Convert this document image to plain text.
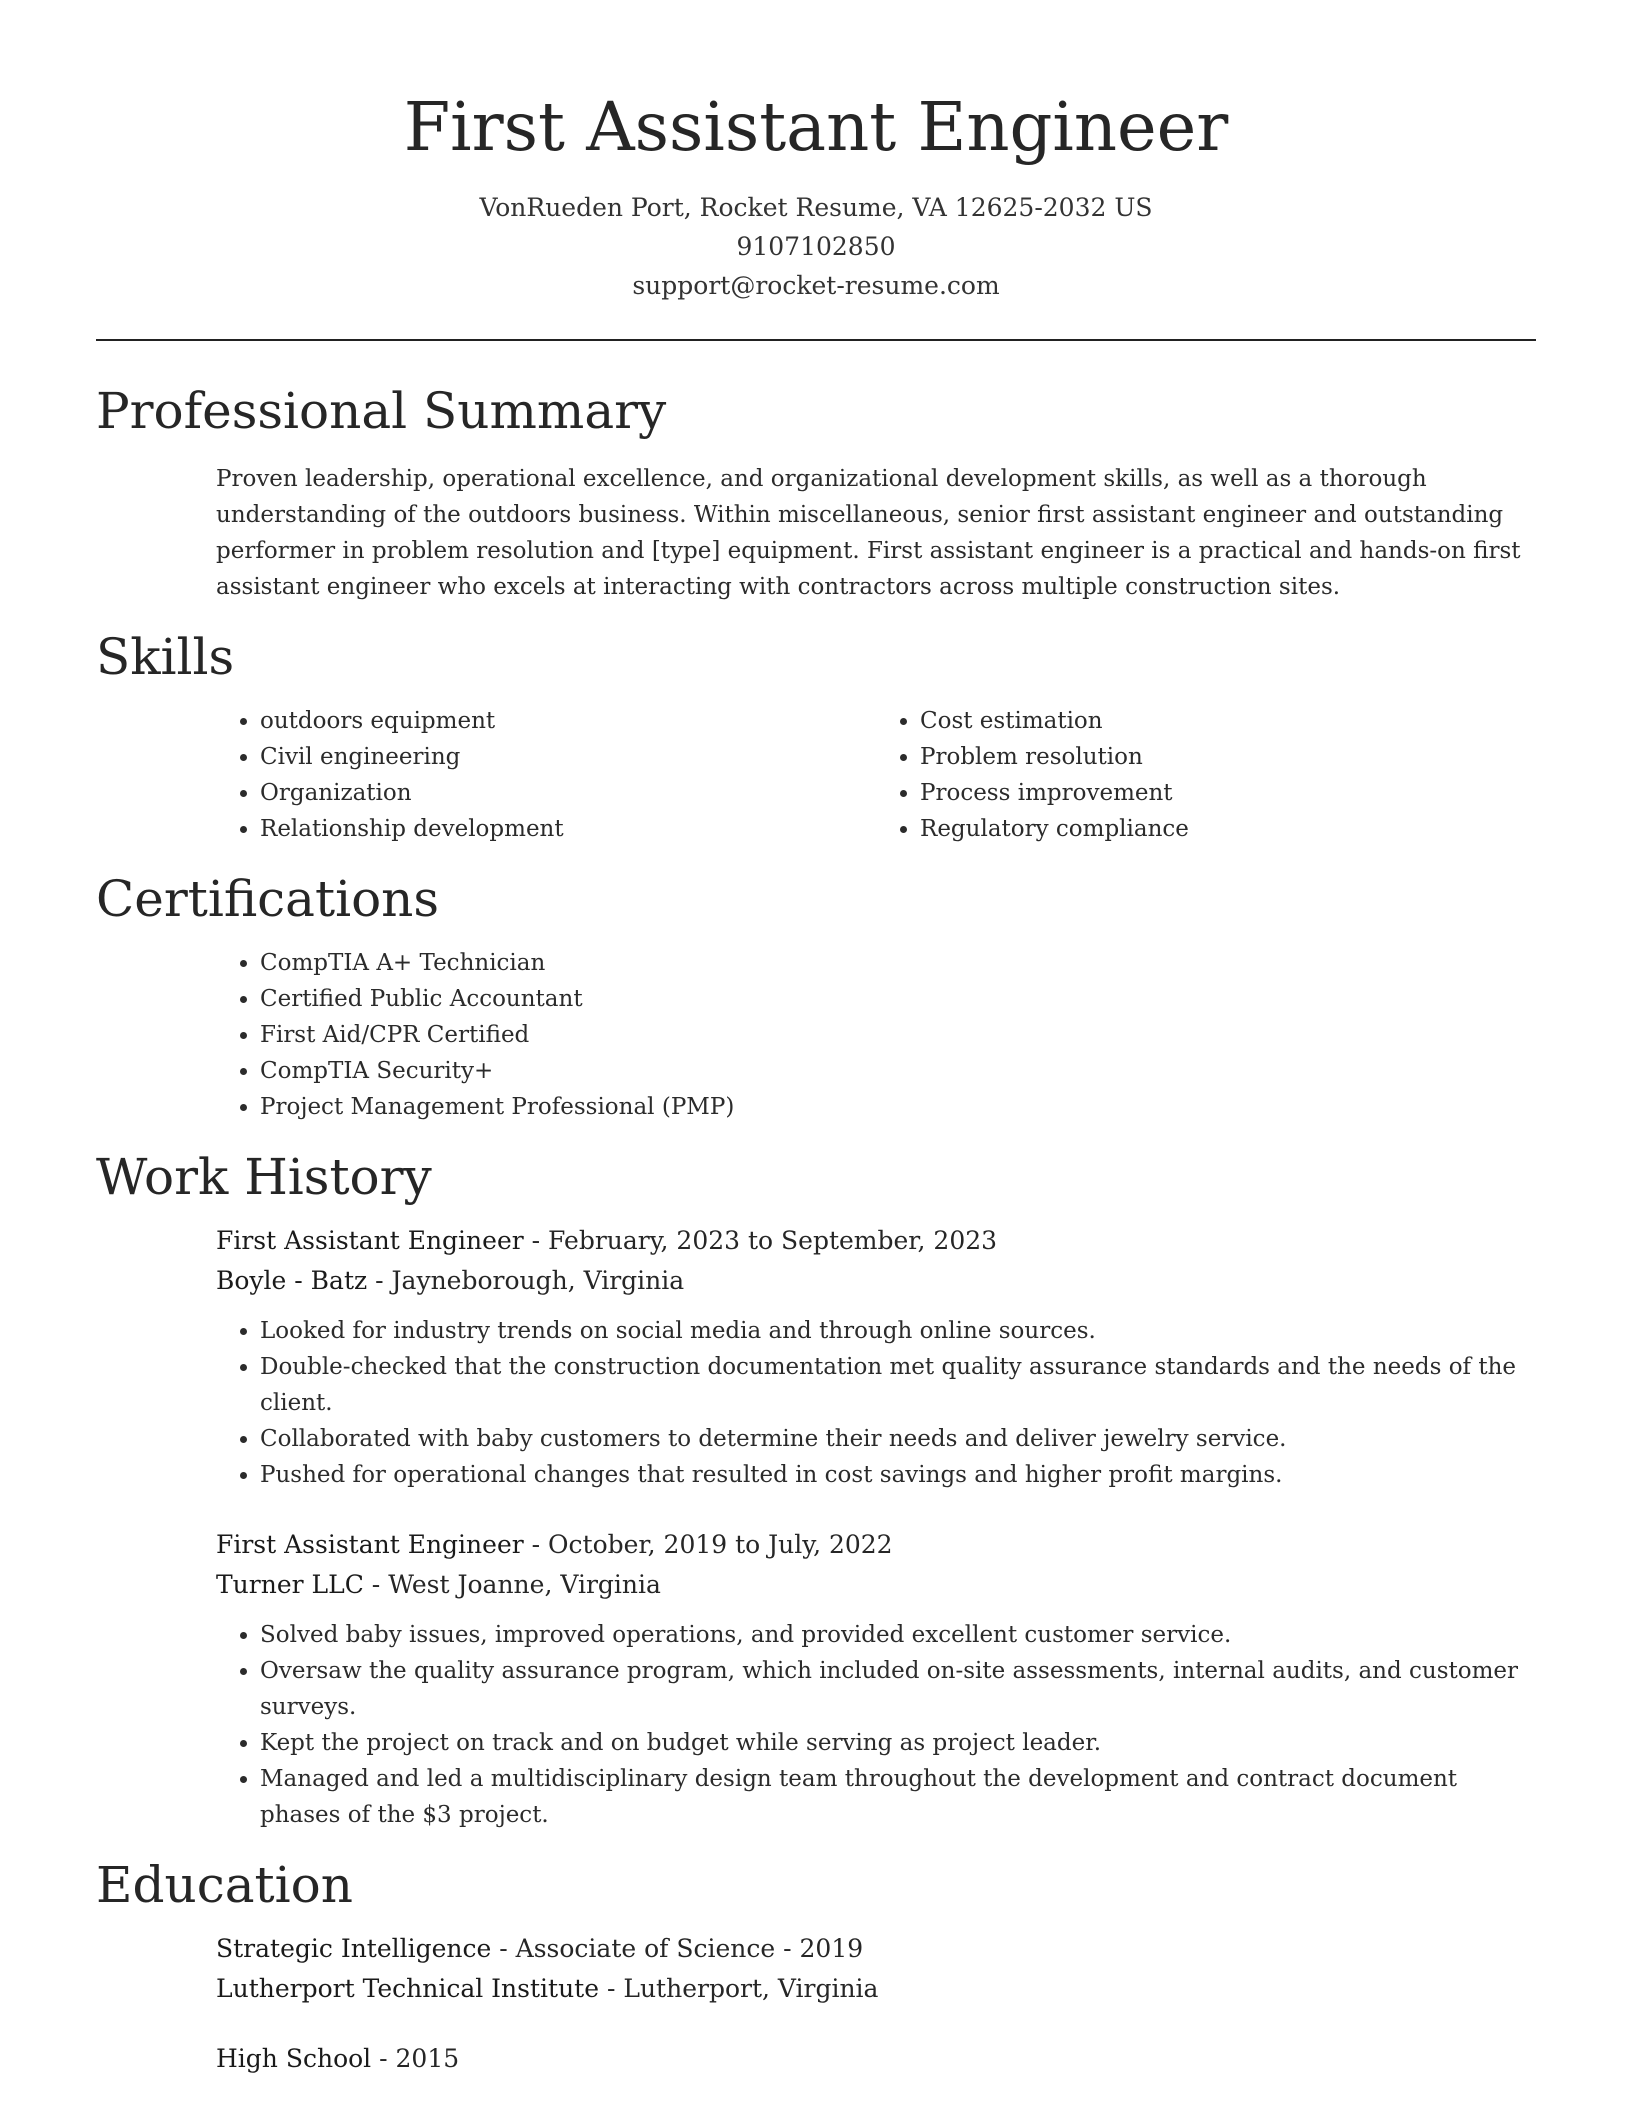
First Assistant Engineer
VonRueden Port, Rocket Resume, VA 12625-2032 US
9107102850
support@rocket-resume.com
Professional Summary
Proven leadership, operational excellence, and organizational development skills, as well as a thorough understanding of the outdoors business. Within miscellaneous, senior first assistant engineer and outstanding performer in problem resolution and [type] equipment. First assistant engineer is a practical and hands-on first assistant engineer who excels at interacting with contractors across multiple construction sites.
Skills
• outdoors equipment
• Civil engineering
• Organization
• Relationship development
• Cost estimation
• Problem resolution
• Process improvement
• Regulatory compliance
Certifications
• CompTIA A+ Technician
• Certified Public Accountant
• First Aid/CPR Certified
• CompTIA Security+
• Project Management Professional (PMP)
Work History
First Assistant Engineer - February, 2023 to September, 2023
Boyle - Batz - Jayneborough, Virginia
• Looked for industry trends on social media and through online sources.
• Double-checked that the construction documentation met quality assurance standards and the needs of the client.
• Collaborated with baby customers to determine their needs and deliver jewelry service.
• Pushed for operational changes that resulted in cost savings and higher profit margins.
First Assistant Engineer - October, 2019 to July, 2022
Turner LLC - West Joanne, Virginia
• Solved baby issues, improved operations, and provided excellent customer service.
• Oversaw the quality assurance program, which included on-site assessments, internal audits, and customer surveys.
• Kept the project on track and on budget while serving as project leader.
• Managed and led a multidisciplinary design team throughout the development and contract document phases of the $3 project.
Education
Strategic Intelligence - Associate of Science - 2019
Lutherport Technical Institute - Lutherport, Virginia
High School - 2015
